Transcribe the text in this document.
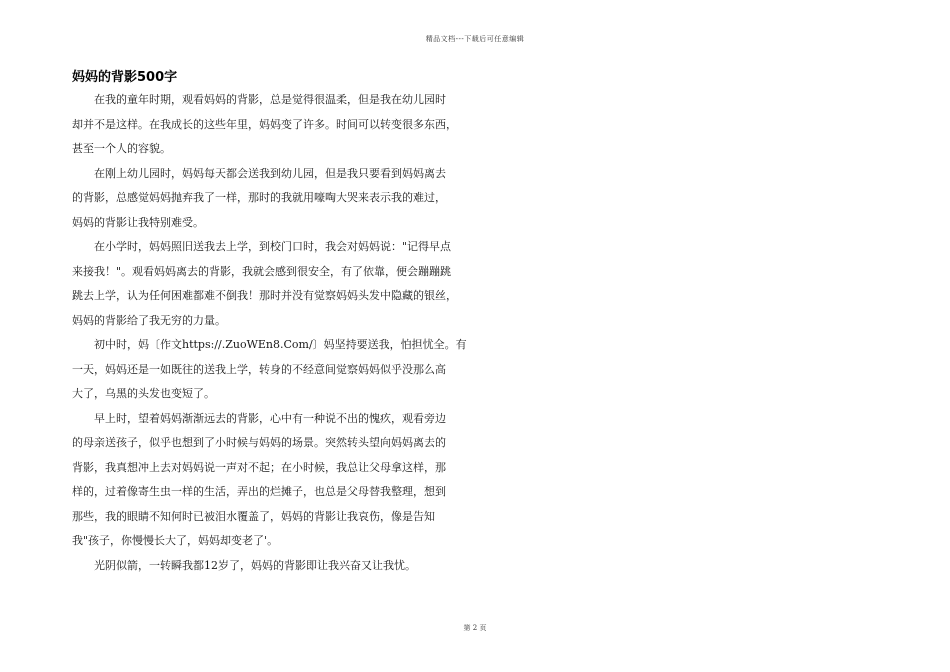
精品文档---下载后可任意编辑
妈妈的背影500字

在我的童年时期，观看妈妈的背影，总是觉得很温柔，但是我在幼儿园时
却并不是这样。在我成长的这些年里，妈妈变了许多。时间可以转变很多东西，
甚至一个人的容貌。

在刚上幼儿园时，妈妈每天都会送我到幼儿园，但是我只要看到妈妈离去
的背影，总感觉妈妈抛弃我了一样，那时的我就用嚎啕大哭来表示我的难过，
妈妈的背影让我特别难受。

在小学时，妈妈照旧送我去上学，到校门口时，我会对妈妈说："记得早点
来接我！"。观看妈妈离去的背影，我就会感到很安全，有了依靠，便会蹦蹦跳
跳去上学，认为任何困难都难不倒我！那时并没有觉察妈妈头发中隐藏的银丝，
妈妈的背影给了我无穷的力量。

初中时，妈〔作文https://.ZuoWEn8.Com/〕妈坚持要送我，怕担忧全。有
一天，妈妈还是一如既往的送我上学，转身的不经意间觉察妈妈似乎没那么高
大了，乌黑的头发也变短了。

早上时，望着妈妈渐渐远去的背影，心中有一种说不出的愧疚，观看旁边
的母亲送孩子，似乎也想到了小时候与妈妈的场景。突然转头望向妈妈离去的
背影，我真想冲上去对妈妈说一声对不起；在小时候，我总让父母拿这样，那
样的，过着像寄生虫一样的生活，弄出的烂摊子，也总是父母替我整理，想到
那些，我的眼睛不知何时已被泪水覆盖了，妈妈的背影让我哀伤，像是告知
我"孩子，你慢慢长大了，妈妈却变老了'。

光阴似箭，一转瞬我都12岁了，妈妈的背影即让我兴奋又让我忧。

第 2 页
